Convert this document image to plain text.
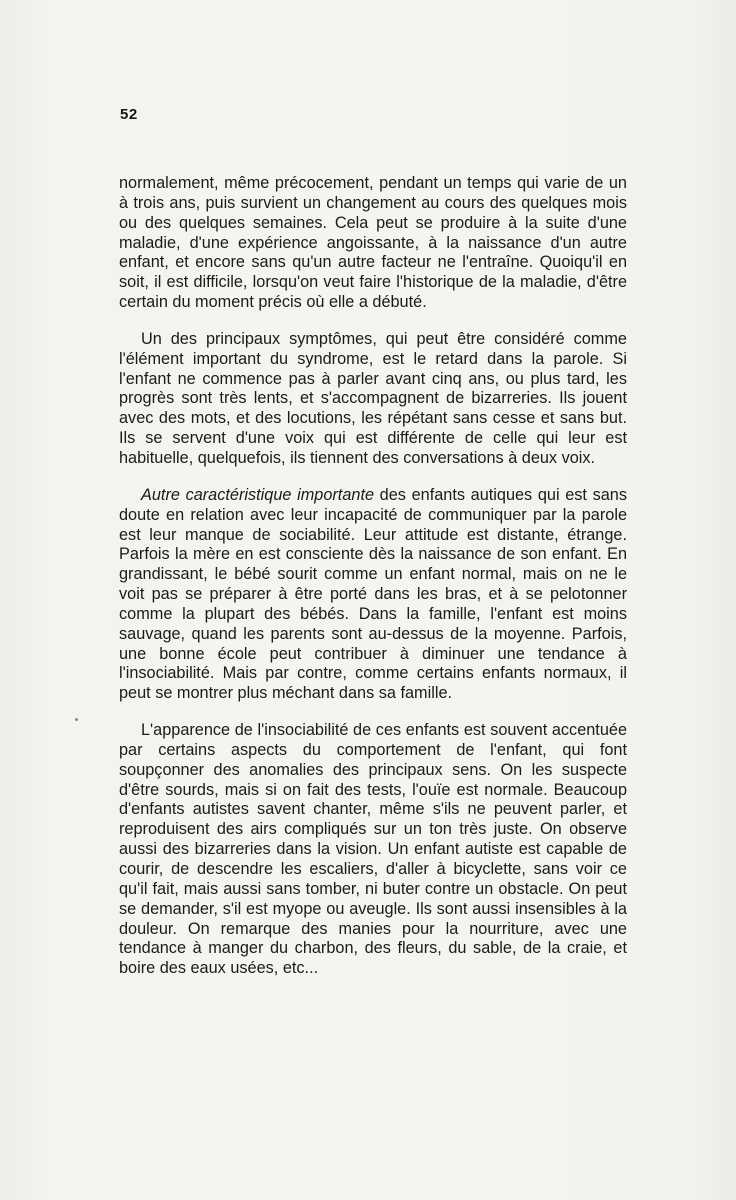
52

normalement, même précocement, pendant un temps qui varie de un à trois ans, puis survient un changement au cours des quelques mois ou des quelques semaines. Cela peut se produire à la suite d'une maladie, d'une expérience angoissante, à la naissance d'un autre enfant, et encore sans qu'un autre facteur ne l'entraîne. Quoiqu'il en soit, il est difficile, lorsqu'on veut faire l'historique de la maladie, d'être certain du moment précis où elle a débuté.

Un des principaux symptômes, qui peut être considéré comme l'élément important du syndrome, est le retard dans la parole. Si l'enfant ne commence pas à parler avant cinq ans, ou plus tard, les progrès sont très lents, et s'accompagnent de bizarreries. Ils jouent avec des mots, et des locutions, les répétant sans cesse et sans but. Ils se servent d'une voix qui est différente de celle qui leur est habituelle, quelquefois, ils tiennent des conversations à deux voix.

Autre caractéristique importante des enfants autiques qui est sans doute en relation avec leur incapacité de communiquer par la parole est leur manque de sociabilité. Leur attitude est distante, étrange. Parfois la mère en est consciente dès la naissance de son enfant. En grandissant, le bébé sourit comme un enfant normal, mais on ne le voit pas se préparer à être porté dans les bras, et à se pelotonner comme la plupart des bébés. Dans la famille, l'enfant est moins sauvage, quand les parents sont au-dessus de la moyenne. Parfois, une bonne école peut contribuer à diminuer une tendance à l'insociabilité. Mais par contre, comme certains enfants normaux, il peut se montrer plus méchant dans sa famille.

L'apparence de l'insociabilité de ces enfants est souvent accentuée par certains aspects du comportement de l'enfant, qui font soupçonner des anomalies des principaux sens. On les suspecte d'être sourds, mais si on fait des tests, l'ouïe est normale. Beaucoup d'enfants autistes savent chanter, même s'ils ne peuvent parler, et reproduisent des airs compliqués sur un ton très juste. On observe aussi des bizarreries dans la vision. Un enfant autiste est capable de courir, de descendre les escaliers, d'aller à bicyclette, sans voir ce qu'il fait, mais aussi sans tomber, ni buter contre un obstacle. On peut se demander, s'il est myope ou aveugle. Ils sont aussi insensibles à la douleur. On remarque des manies pour la nourriture, avec une tendance à manger du charbon, des fleurs, du sable, de la craie, et boire des eaux usées, etc...
